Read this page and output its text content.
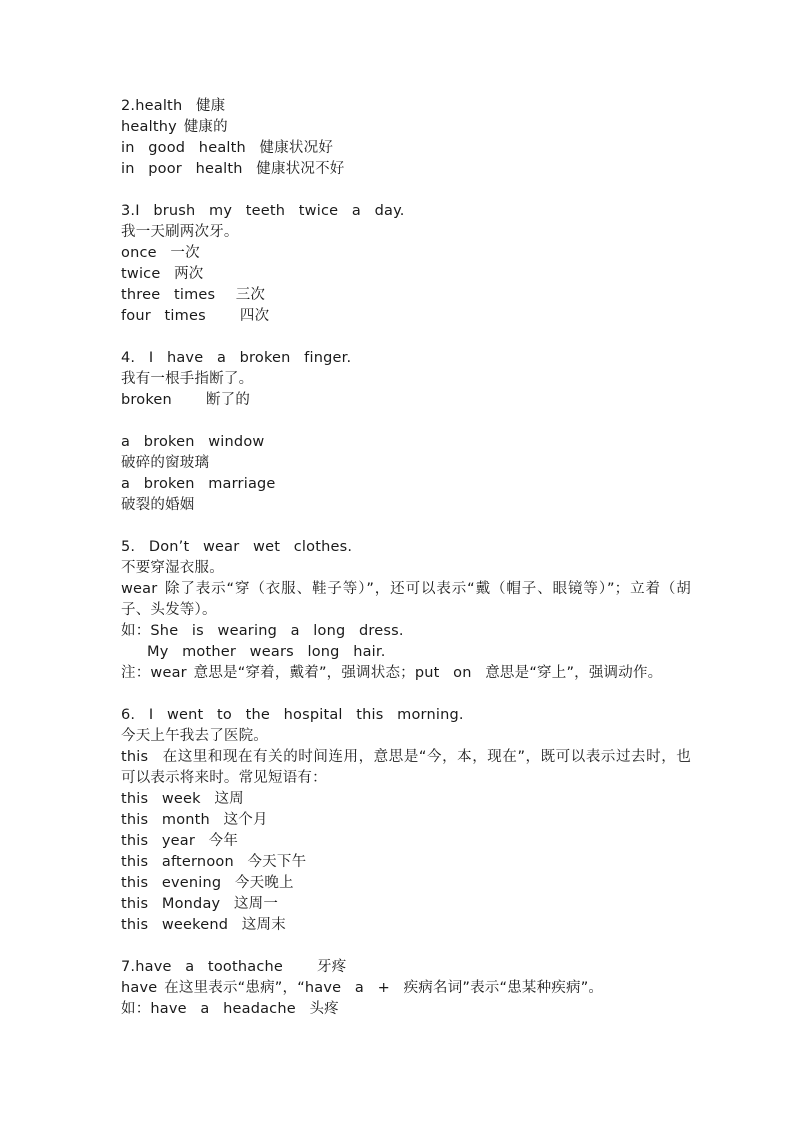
2.health  健康
healthy 健康的
in  good  health  健康状况好
in  poor  health  健康状况不好
3.I  brush  my  teeth  twice  a  day.
我一天刷两次牙。
once  一次
twice  两次
three  times   三次
four  times     四次
4.  I  have  a  broken  finger.
我有一根手指断了。
broken     断了的
a  broken  window
破碎的窗玻璃
a  broken  marriage
破裂的婚姻
5.  Don’t  wear  wet  clothes.
不要穿湿衣服。
wear 除了表示“穿（衣服、鞋子等）”，还可以表示“戴（帽子、眼镜等）”；立着（胡子、头发等）。
如：She  is  wearing  a  long  dress.
My  mother  wears  long  hair.
注：wear 意思是“穿着，戴着”，强调状态；put  on  意思是“穿上”，强调动作。
6.  I  went  to  the  hospital  this  morning.
今天上午我去了医院。
this  在这里和现在有关的时间连用，意思是“今，本，现在”，既可以表示过去时，也可以表示将来时。常见短语有：
this  week  这周
this  month  这个月
this  year  今年
this  afternoon  今天下午
this  evening  今天晚上
this  Monday  这周一
this  weekend  这周末
7.have  a  toothache     牙疼
have 在这里表示“患病”，“have  a  +  疾病名词”表示“患某种疾病”。
如：have  a  headache  头疼
